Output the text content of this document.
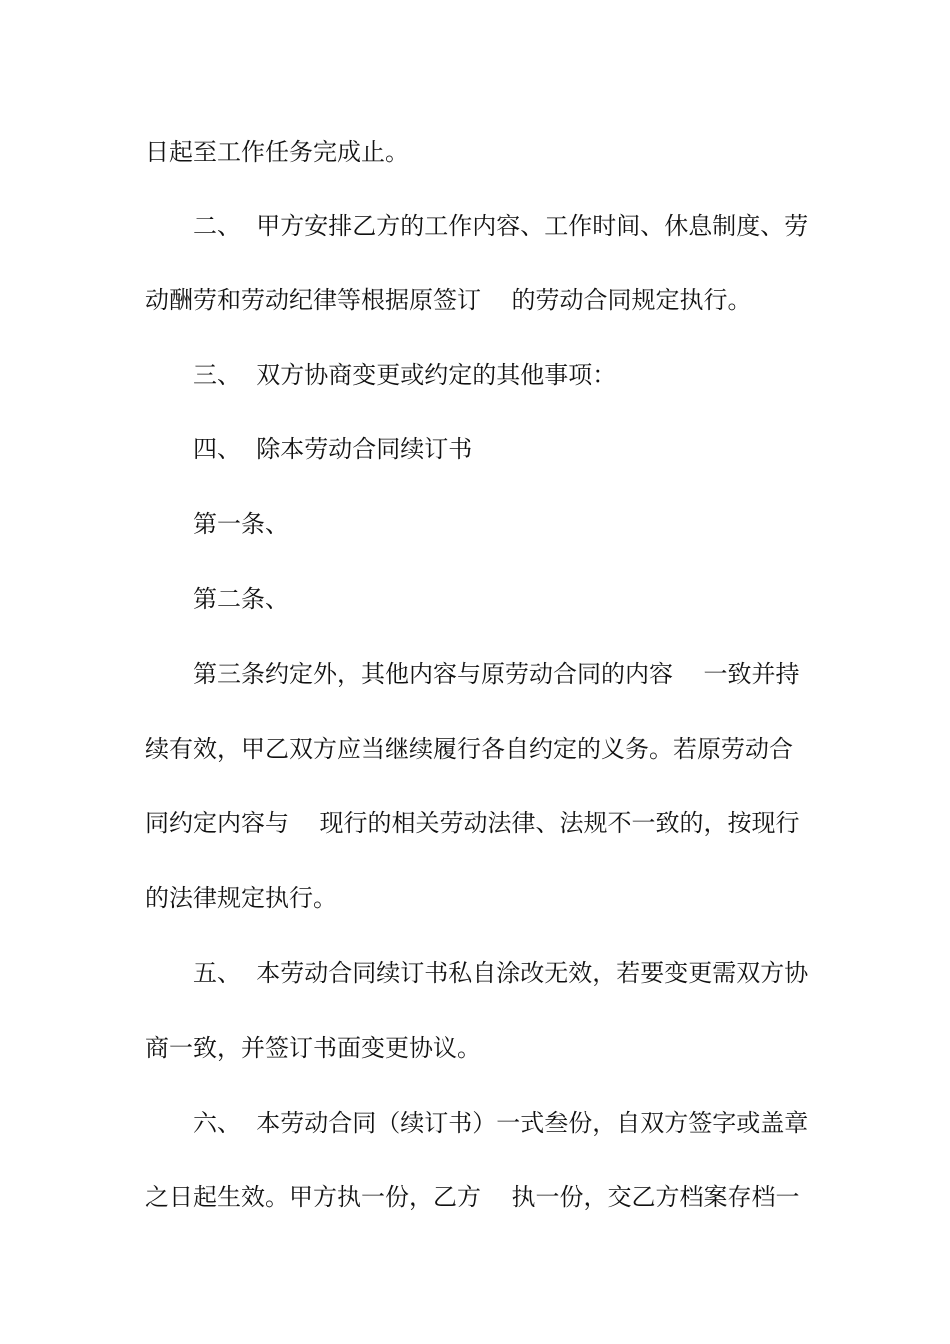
日起至工作任务完成止。
二、  甲方安排乙方的工作内容、工作时间、休息制度、劳
动酬劳和劳动纪律等根据原签订    的劳动合同规定执行。
三、  双方协商变更或约定的其他事项：
四、  除本劳动合同续订书
第一条、
第二条、
第三条约定外，其他内容与原劳动合同的内容    一致并持
续有效，甲乙双方应当继续履行各自约定的义务。若原劳动合
同约定内容与    现行的相关劳动法律、法规不一致的，按现行
的法律规定执行。
五、  本劳动合同续订书私自涂改无效，若要变更需双方协
商一致，并签订书面变更协议。
六、  本劳动合同（续订书）一式叁份，自双方签字或盖章
之日起生效。甲方执一份，乙方    执一份，交乙方档案存档一
